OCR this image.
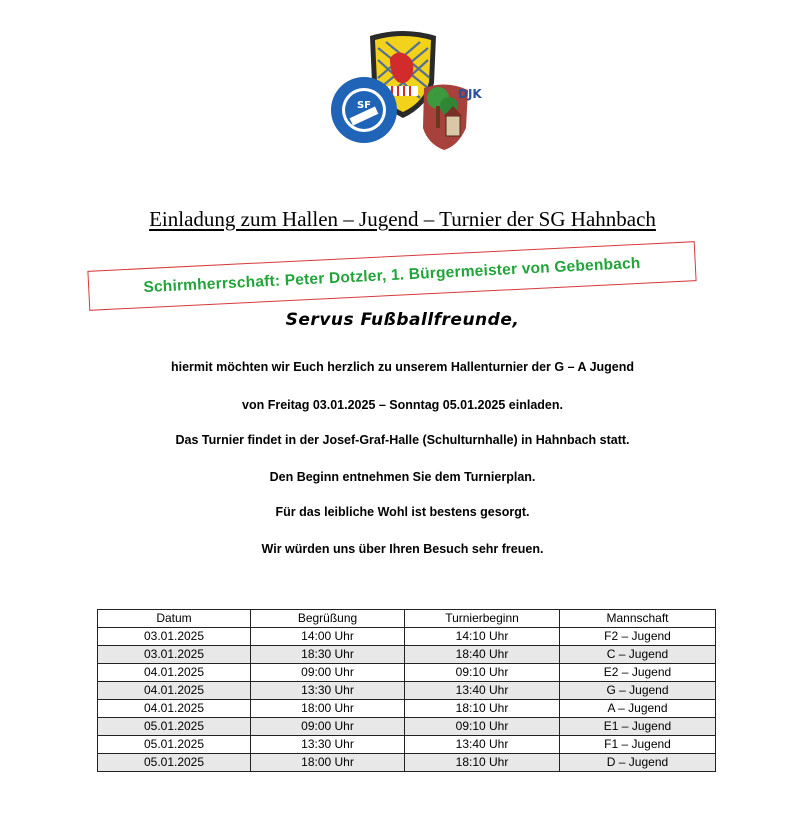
SF
DJK
Einladung zum Hallen – Jugend – Turnier der SG Hahnbach
Schirmherrschaft: Peter Dotzler, 1. Bürgermeister von Gebenbach
Servus Fußballfreunde,
hiermit möchten wir Euch herzlich zu unserem Hallenturnier der G – A Jugend
von Freitag 03.01.2025 – Sonntag 05.01.2025 einladen.
Das Turnier findet in der Josef-Graf-Halle (Schulturnhalle) in Hahnbach statt.
Den Beginn entnehmen Sie dem Turnierplan.
Für das leibliche Wohl ist bestens gesorgt.
Wir würden uns über Ihren Besuch sehr freuen.
Datum	Begrüßung	Turnierbeginn	Mannschaft
03.01.2025	14:00 Uhr	14:10 Uhr	F2 – Jugend
03.01.2025	18:30 Uhr	18:40 Uhr	C – Jugend
04.01.2025	09:00 Uhr	09:10 Uhr	E2 – Jugend
04.01.2025	13:30 Uhr	13:40 Uhr	G – Jugend
04.01.2025	18:00 Uhr	18:10 Uhr	A – Jugend
05.01.2025	09:00 Uhr	09:10 Uhr	E1 – Jugend
05.01.2025	13:30 Uhr	13:40 Uhr	F1 – Jugend
05.01.2025	18:00 Uhr	18:10 Uhr	D – Jugend
